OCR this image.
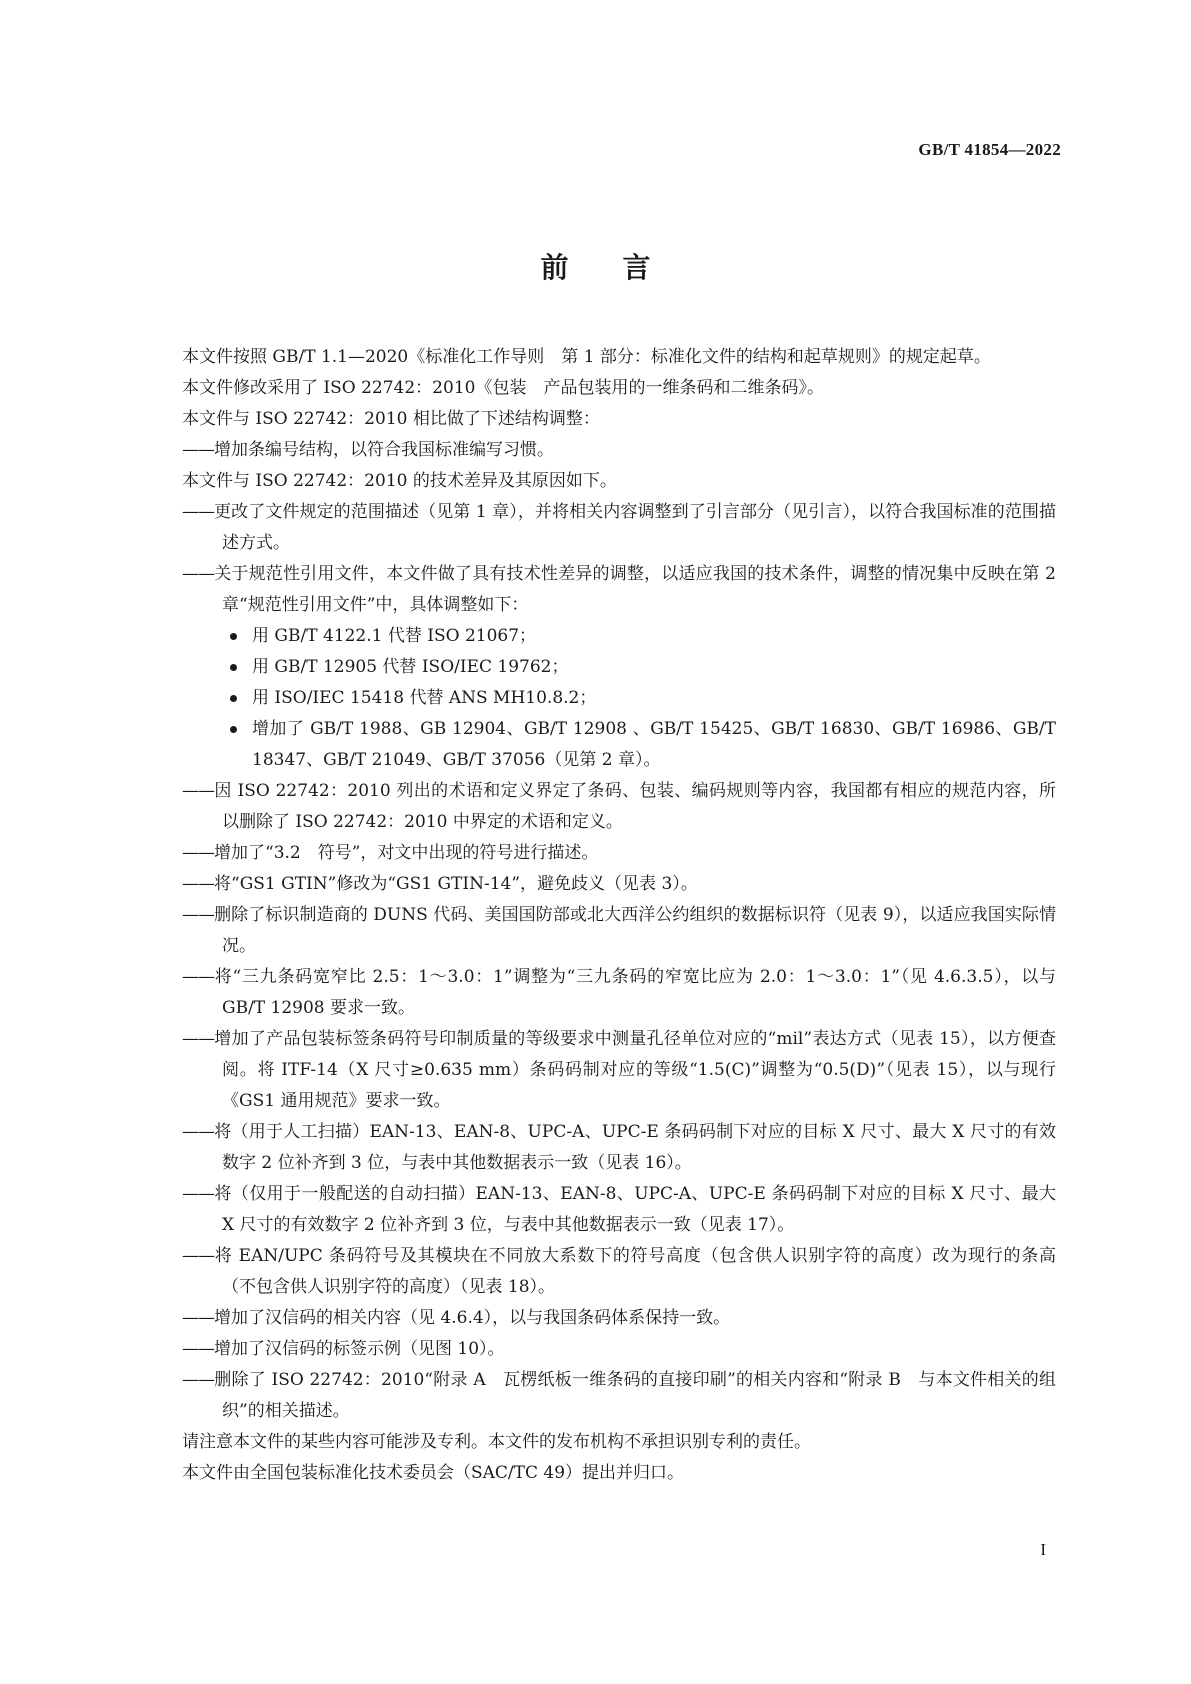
GB/T 41854—2022
前言

本文件按照 GB/T 1.1—2020《标准化工作导则　第 1 部分：标准化文件的结构和起草规则》的规定起草。

本文件修改采用了 ISO 22742：2010《包装　产品包装用的一维条码和二维条码》。

本文件与 ISO 22742：2010 相比做了下述结构调整：

——增加条编号结构，以符合我国标准编写习惯。

本文件与 ISO 22742：2010 的技术差异及其原因如下。

——更改了文件规定的范围描述（见第 1 章），并将相关内容调整到了引言部分（见引言），以符合我国标准的范围描述方式。

——关于规范性引用文件，本文件做了具有技术性差异的调整，以适应我国的技术条件，调整的情况集中反映在第 2 章“规范性引用文件”中，具体调整如下：

用 GB/T 4122.1 代替 ISO 21067；

用 GB/T 12905 代替 ISO/IEC 19762；

用 ISO/IEC 15418 代替 ANS MH10.8.2；

增加了 GB/T 1988、GB 12904、GB/T 12908 、GB/T 15425、GB/T 16830、GB/T 16986、GB/T 18347、GB/T 21049、GB/T 37056（见第 2 章）。

——因 ISO 22742：2010 列出的术语和定义界定了条码、包装、编码规则等内容，我国都有相应的规范内容，所以删除了 ISO 22742：2010 中界定的术语和定义。

——增加了“3.2　符号”，对文中出现的符号进行描述。

——将“GS1 GTIN”修改为“GS1 GTIN-14”，避免歧义（见表 3）。

——删除了标识制造商的 DUNS 代码、美国国防部或北大西洋公约组织的数据标识符（见表 9），以适应我国实际情况。

——将“三九条码宽窄比 2.5：1～3.0：1”调整为“三九条码的窄宽比应为 2.0：1～3.0：1”（见 4.6.3.5），以与 GB/T 12908 要求一致。

——增加了产品包装标签条码符号印制质量的等级要求中测量孔径单位对应的“mil”表达方式（见表 15），以方便查阅。将 ITF-14（X 尺寸≥0.635 mm）条码码制对应的等级“1.5(C)”调整为“0.5(D)”（见表 15），以与现行《GS1 通用规范》要求一致。

——将（用于人工扫描）EAN-13、EAN-8、UPC-A、UPC-E 条码码制下对应的目标 X 尺寸、最大 X 尺寸的有效数字 2 位补齐到 3 位，与表中其他数据表示一致（见表 16）。

——将（仅用于一般配送的自动扫描）EAN-13、EAN-8、UPC-A、UPC-E 条码码制下对应的目标 X 尺寸、最大 X 尺寸的有效数字 2 位补齐到 3 位，与表中其他数据表示一致（见表 17）。

——将 EAN/UPC 条码符号及其模块在不同放大系数下的符号高度（包含供人识别字符的高度）改为现行的条高（不包含供人识别字符的高度）（见表 18）。

——增加了汉信码的相关内容（见 4.6.4），以与我国条码体系保持一致。

——增加了汉信码的标签示例（见图 10）。

——删除了 ISO 22742：2010“附录 A　瓦楞纸板一维条码的直接印刷”的相关内容和“附录 B　与本文件相关的组织”的相关描述。

请注意本文件的某些内容可能涉及专利。本文件的发布机构不承担识别专利的责任。

本文件由全国包装标准化技术委员会（SAC/TC 49）提出并归口。

I
